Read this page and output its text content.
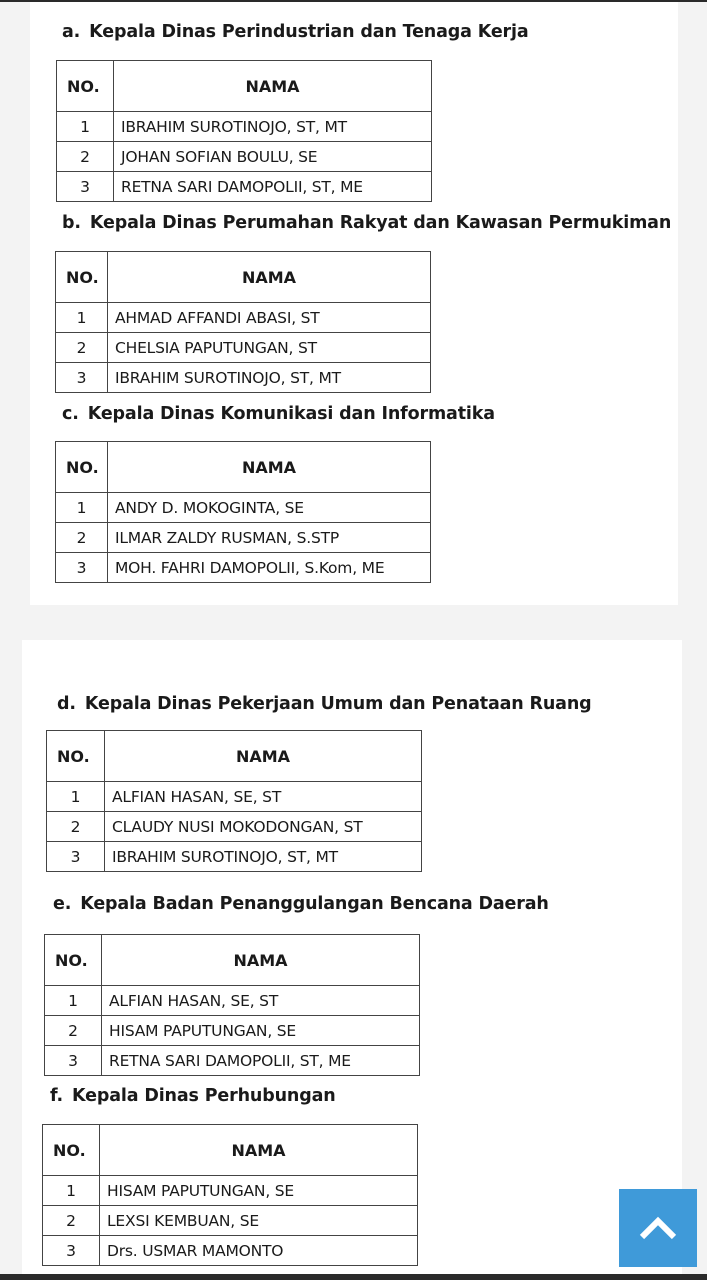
a. Kepala Dinas Perindustrian dan Tenaga Kerja
NO.	NAMA
1	IBRAHIM SUROTINOJO, ST, MT
2	JOHAN SOFIAN BOULU, SE
3	RETNA SARI DAMOPOLII, ST, ME
b. Kepala Dinas Perumahan Rakyat dan Kawasan Permukiman
NO.	NAMA
1	AHMAD AFFANDI ABASI, ST
2	CHELSIA PAPUTUNGAN, ST
3	IBRAHIM SUROTINOJO, ST, MT
c. Kepala Dinas Komunikasi dan Informatika
NO.	NAMA
1	ANDY D. MOKOGINTA, SE
2	ILMAR ZALDY RUSMAN, S.STP
3	MOH. FAHRI DAMOPOLII, S.Kom, ME
d. Kepala Dinas Pekerjaan Umum dan Penataan Ruang
NO.	NAMA
1	ALFIAN HASAN, SE, ST
2	CLAUDY NUSI MOKODONGAN, ST
3	IBRAHIM SUROTINOJO, ST, MT
e. Kepala Badan Penanggulangan Bencana Daerah
NO.	NAMA
1	ALFIAN HASAN, SE, ST
2	HISAM PAPUTUNGAN, SE
3	RETNA SARI DAMOPOLII, ST, ME
f. Kepala Dinas Perhubungan
NO.	NAMA
1	HISAM PAPUTUNGAN, SE
2	LEXSI KEMBUAN, SE
3	Drs. USMAR MAMONTO
